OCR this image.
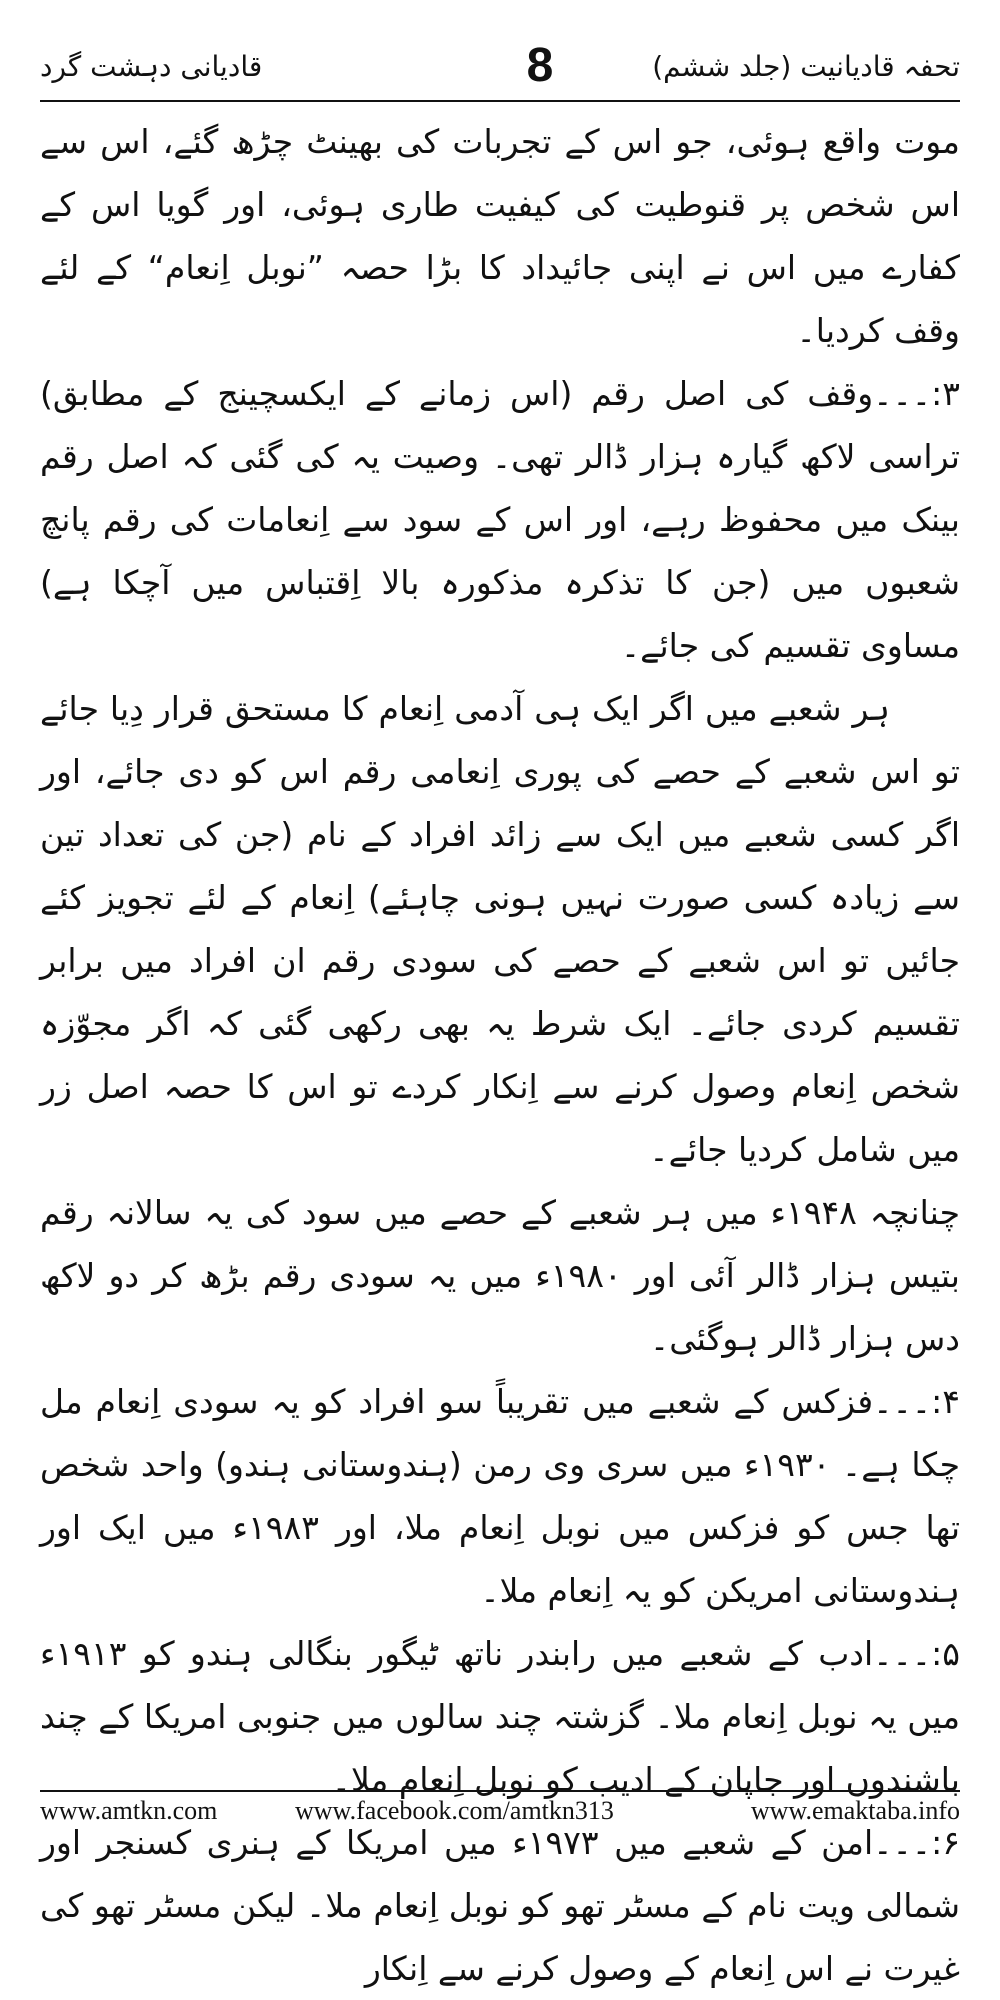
تحفہ قادیانیت (جلد ششم)
8
قادیانی دہشت گرد

موت واقع ہوئی، جو اس کے تجربات کی بھینٹ چڑھ گئے، اس سے اس شخص پر قنوطیت کی کیفیت طاری ہوئی، اور گویا اس کے کفارے میں اس نے اپنی جائیداد کا بڑا حصہ ”نوبل اِنعام“ کے لئے وقف کردیا۔

۳:۔۔۔وقف کی اصل رقم (اس زمانے کے ایکسچینج کے مطابق) تراسی لاکھ گیارہ ہزار ڈالر تھی۔ وصیت یہ کی گئی کہ اصل رقم بینک میں محفوظ رہے، اور اس کے سود سے اِنعامات کی رقم پانچ شعبوں میں (جن کا تذکرہ مذکورہ بالا اِقتباس میں آچکا ہے) مساوی تقسیم کی جائے۔

ہر شعبے میں اگر ایک ہی آدمی اِنعام کا مستحق قرار دِیا جائے تو اس شعبے کے حصے کی پوری اِنعامی رقم اس کو دی جائے، اور اگر کسی شعبے میں ایک سے زائد افراد کے نام (جن کی تعداد تین سے زیادہ کسی صورت نہیں ہونی چاہئے) اِنعام کے لئے تجویز کئے جائیں تو اس شعبے کے حصے کی سودی رقم ان افراد میں برابر تقسیم کردی جائے۔ ایک شرط یہ بھی رکھی گئی کہ اگر مجوّزہ شخص اِنعام وصول کرنے سے اِنکار کردے تو اس کا حصہ اصل زر میں شامل کردیا جائے۔

چنانچہ ۱۹۴۸ء میں ہر شعبے کے حصے میں سود کی یہ سالانہ رقم بتیس ہزار ڈالر آئی اور ۱۹۸۰ء میں یہ سودی رقم بڑھ کر دو لاکھ دس ہزار ڈالر ہوگئی۔

۴:۔۔۔فزکس کے شعبے میں تقریباً سو افراد کو یہ سودی اِنعام مل چکا ہے۔ ۱۹۳۰ء میں سری وی رمن (ہندوستانی ہندو) واحد شخص تھا جس کو فزکس میں نوبل اِنعام ملا، اور ۱۹۸۳ء میں ایک اور ہندوستانی امریکن کو یہ اِنعام ملا۔

۵:۔۔۔ادب کے شعبے میں رابندر ناتھ ٹیگور بنگالی ہندو کو ۱۹۱۳ء میں یہ نوبل اِنعام ملا۔ گزشتہ چند سالوں میں جنوبی امریکا کے چند باشندوں اور جاپان کے ادیب کو نوبل اِنعام ملا۔

۶:۔۔۔امن کے شعبے میں ۱۹۷۳ء میں امریکا کے ہنری کسنجر اور شمالی ویت نام کے مسٹر تھو کو نوبل اِنعام ملا۔ لیکن مسٹر تھو کی غیرت نے اس اِنعام کے وصول کرنے سے اِنکار

www.amtkn.com	www.facebook.com/amtkn313	www.emaktaba.info
